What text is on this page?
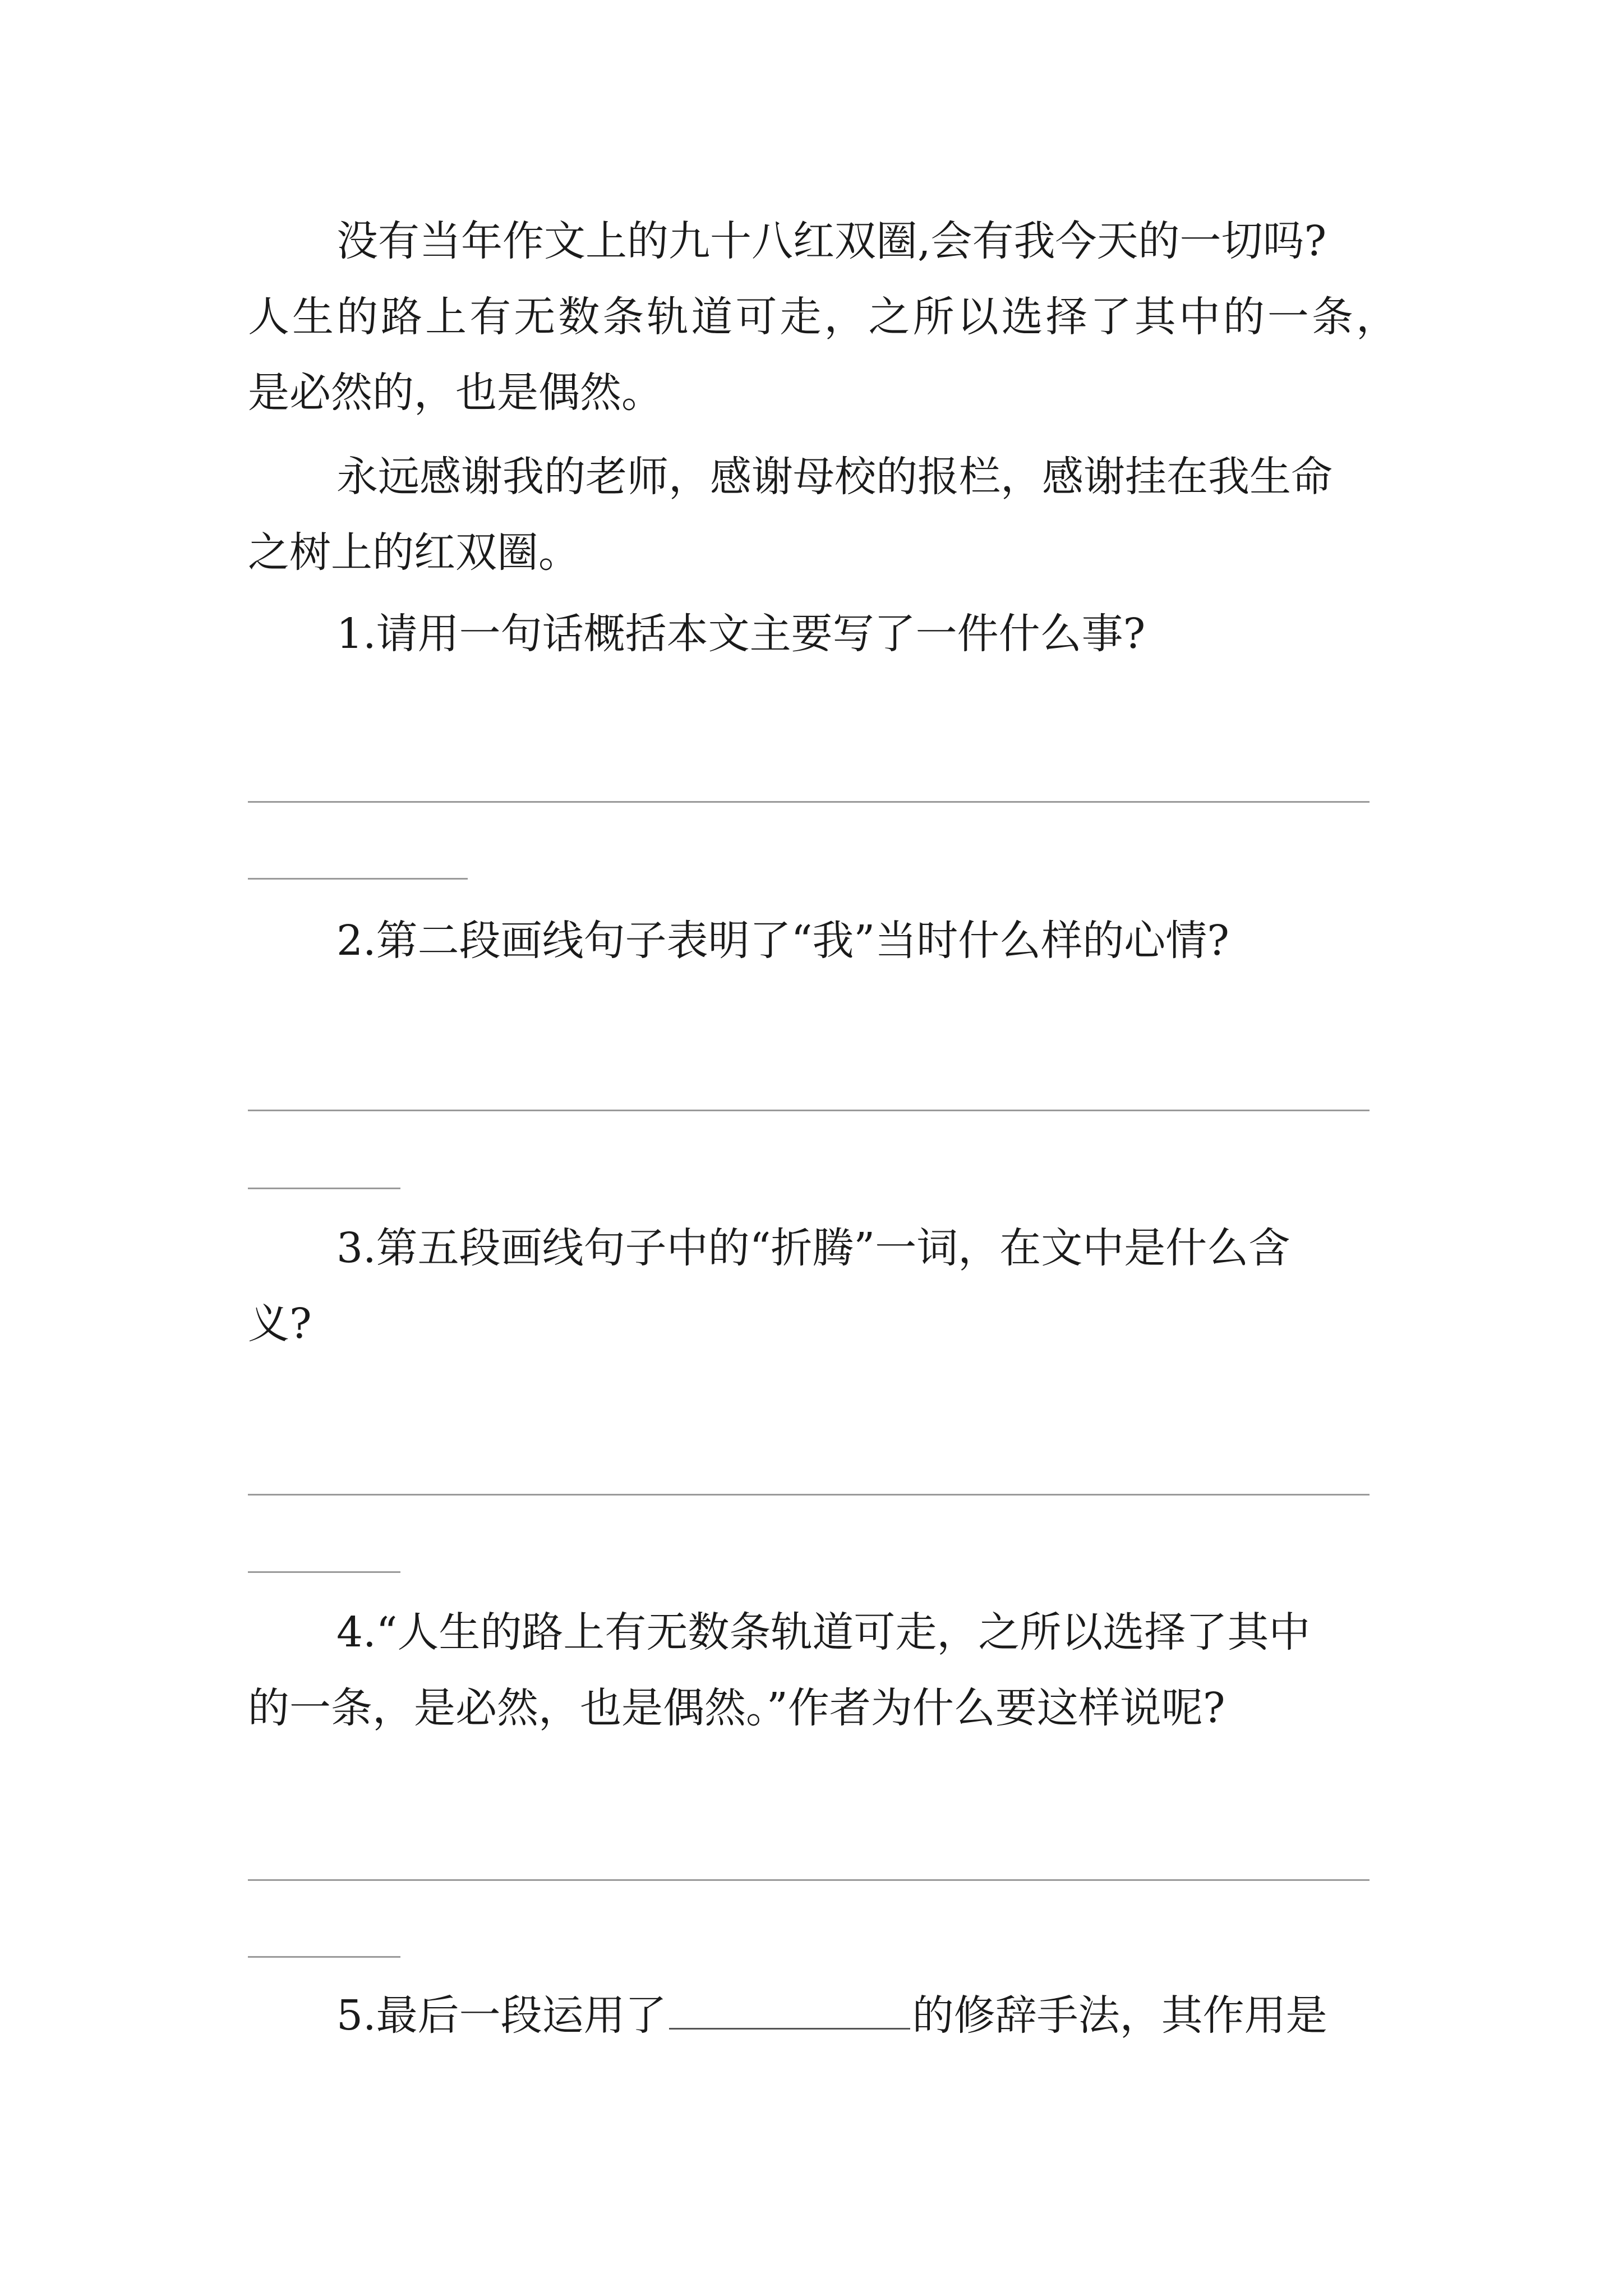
没有当年作文上的九十八红双圈,会有我今天的一切吗?
人生的路上有无数条轨道可走，之所以选择了其中的一条，
是必然的，也是偶然。
永远感谢我的老师，感谢母校的报栏，感谢挂在我生命
之树上的红双圈。
1.请用一句话概括本文主要写了一件什么事?
2.第二段画线句子表明了“我”当时什么样的心情?
3.第五段画线句子中的“折腾”一词，在文中是什么含
义?
4.“人生的路上有无数条轨道可走，之所以选择了其中
的一条，是必然，也是偶然。”作者为什么要这样说呢?
5.最后一段运用了	的修辞手法，其作用是
